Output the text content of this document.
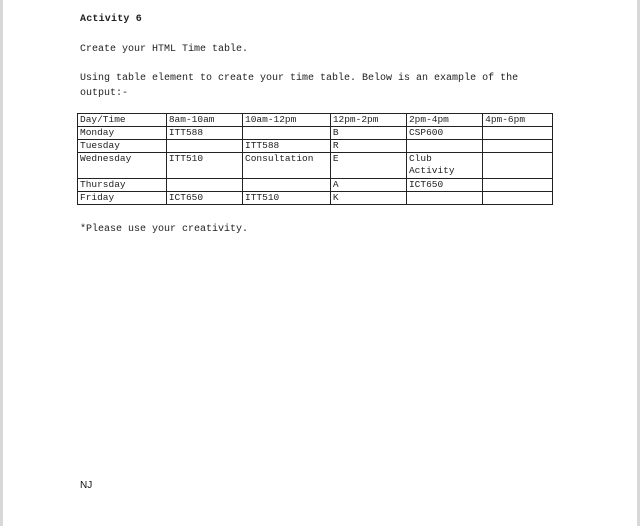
Activity 6
Create your HTML Time table.
Using table element to create your time table. Below is an example of the
output:-
Day/Time	8am-10am	10am-12pm	12pm-2pm	2pm-4pm	4pm-6pm
Monday	ITT588		B	CSP600	
Tuesday		ITT588	R		
Wednesday	ITT510	Consultation	E	Club Activity	
Thursday			A	ICT650	
Friday	ICT650	ITT510	K		
*Please use your creativity.
NJ
